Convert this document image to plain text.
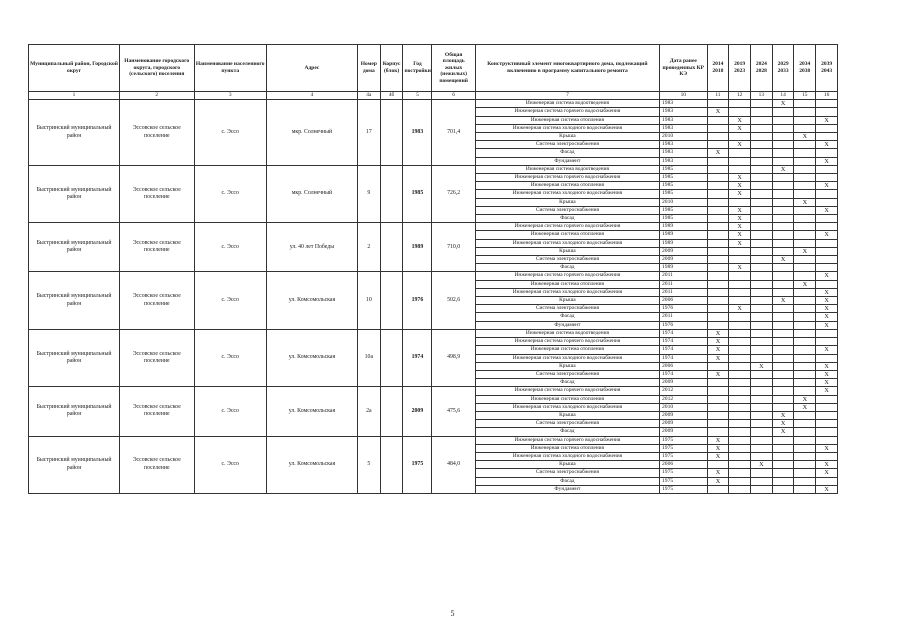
Муниципальный район, Городской округ	Наименование городского округа, городского (сельского) поселения	Наименование населенного пункта	Адрес	Номер дома	Корпус (блок)	Год постройки	Общая площадь жилых (нежилых) помещений	Конструктивный элемент многоквартирного дома, подлежащий включению в программу капитального ремонта	Дата ранее проведенных КР КЭ	2014 2018	2019 2023	2024 2028	2029 2033	2034 2038	2039 2043
1	2	3	4	4а	4б	5	6	7	10	11	12	13	14	15	16
Быстринский муниципальный район	Эссовское сельское поселение	с. Эссо	мкр. Солнечный	17		1983	701,4	Инженерная система водоотведения	1983				X		
								Инженерная система горячего водоснабжения	1983	X					
								Инженерная система отопления	1983		X				X
								Инженерная система холодного водоснабжения	1983		X				
								Крыша	2010					X	
								Система электроснабжения	1983		X				X
								Фасад	1983	X					
								Фундамент	1983						X
Быстринский муниципальный район	Эссовское сельское поселение	с. Эссо	мкр. Солнечный	9		1985	726,2	Инженерная система водоотведения	1985				X		
								Инженерная система горячего водоснабжения	1985		X				
								Инженерная система отопления	1985		X				X
								Инженерная система холодного водоснабжения	1985		X				
								Крыша	2010					X	
								Система электроснабжения	1985		X				X
								Фасад	1985		X				
Быстринский муниципальный район	Эссовское сельское поселение	с. Эссо	ул. 40 лет Победы	2		1989	710,0	Инженерная система горячего водоснабжения	1989		X				
								Инженерная система отопления	1989		X				X
								Инженерная система холодного водоснабжения	1989		X				
								Крыша	2009					X	
								Система электроснабжения	2009				X		
								Фасад	1989		X				
Быстринский муниципальный район	Эссовское сельское поселение	с. Эссо	ул. Комсомольская	10		1976	502,6	Инженерная система горячего водоснабжения	2011						X
								Инженерная система отопления	2011					X	
								Инженерная система холодного водоснабжения	2011						X
								Крыша	2006				X		X
								Система электроснабжения	1976		X				X
								Фасад	2011						X
								Фундамент	1976						X
Быстринский муниципальный район	Эссовское сельское поселение	с. Эссо	ул. Комсомольская	10а		1974	498,9	Инженерная система водоотведения	1974	X					
								Инженерная система горячего водоснабжения	1974	X					
								Инженерная система отопления	1974	X					X
								Инженерная система холодного водоснабжения	1974	X					
								Крыша	2006			X			X
								Система электроснабжения	1974	X					X
								Фасад	2009						X
Быстринский муниципальный район	Эссовское сельское поселение	с. Эссо	ул. Комсомольская	2а		2009	475,6	Инженерная система горячего водоснабжения	2012						X
								Инженерная система отопления	2012					X	
								Инженерная система холодного водоснабжения	2010					X	
								Крыша	2009				X		
								Система электроснабжения	2009				X		
								Фасад	2009				X		
Быстринский муниципальный район	Эссовское сельское поселение	с. Эссо	ул. Комсомольская	5		1975	484,0	Инженерная система горячего водоснабжения	1975	X					
								Инженерная система отопления	1975	X					X
								Инженерная система холодного водоснабжения	1975	X					
								Крыша	2006			X			X
								Система электроснабжения	1975	X					X
								Фасад	1975	X					
								Фундамент	1975						X
5
